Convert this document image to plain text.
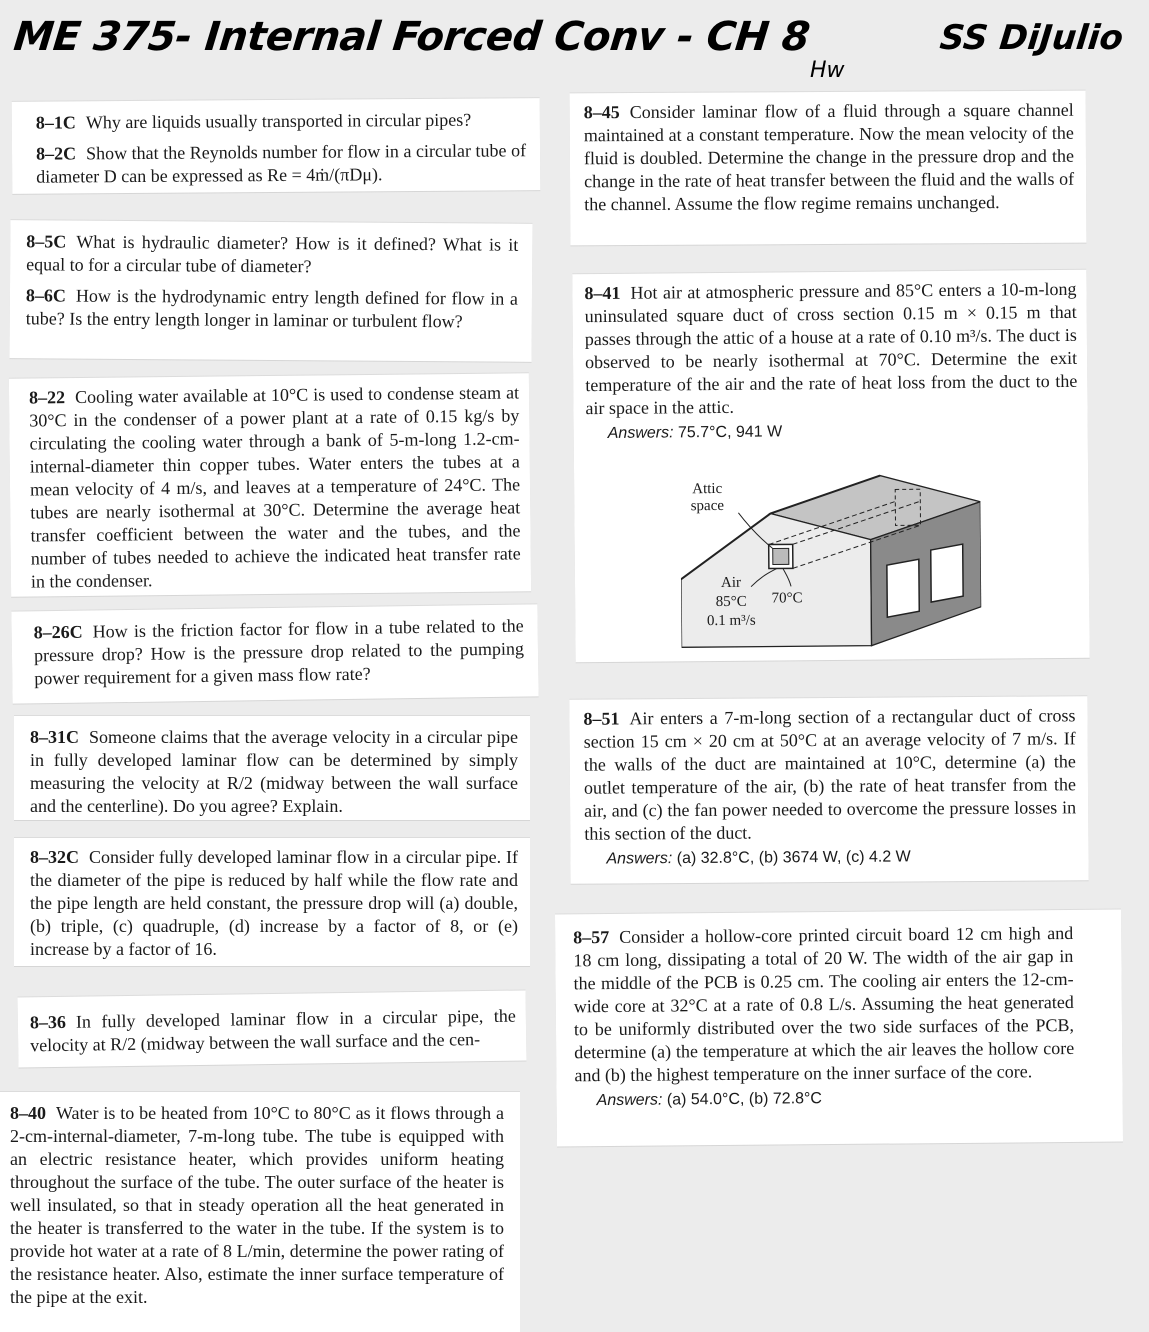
ME 375- Internal Forced Conv - CH 8	SS DiJulio
Hw

8–1C Why are liquids usually transported in circular pipes?

8–2C Show that the Reynolds number for flow in a circular tube of diameter D can be expressed as Re = 4ṁ/(πDμ).

8–5C What is hydraulic diameter? How is it defined? What is it equal to for a circular tube of diameter?

8–6C How is the hydrodynamic entry length defined for flow in a tube? Is the entry length longer in laminar or turbulent flow?

8–22 Cooling water available at 10°C is used to condense steam at 30°C in the condenser of a power plant at a rate of 0.15 kg/s by circulating the cooling water through a bank of 5-m-long 1.2-cm-internal-diameter thin copper tubes. Water enters the tubes at a mean velocity of 4 m/s, and leaves at a temperature of 24°C. The tubes are nearly isothermal at 30°C. Determine the average heat transfer coefficient between the water and the tubes, and the number of tubes needed to achieve the indicated heat transfer rate in the condenser.

8–26C How is the friction factor for flow in a tube related to the pressure drop? How is the pressure drop related to the pumping power requirement for a given mass flow rate?

8–31C Someone claims that the average velocity in a circular pipe in fully developed laminar flow can be determined by simply measuring the velocity at R/2 (midway between the wall surface and the centerline). Do you agree? Explain.

8–32C Consider fully developed laminar flow in a circular pipe. If the diameter of the pipe is reduced by half while the flow rate and the pipe length are held constant, the pressure drop will (a) double, (b) triple, (c) quadruple, (d) increase by a factor of 8, or (e) increase by a factor of 16.

8–36 In fully developed laminar flow in a circular pipe, the velocity at R/2 (midway between the wall surface and the cen-

8–40 Water is to be heated from 10°C to 80°C as it flows through a 2-cm-internal-diameter, 7-m-long tube. The tube is equipped with an electric resistance heater, which provides uniform heating throughout the surface of the tube. The outer surface of the heater is well insulated, so that in steady operation all the heat generated in the heater is transferred to the water in the tube. If the system is to provide hot water at a rate of 8 L/min, determine the power rating of the resistance heater. Also, estimate the inner surface temperature of the pipe at the exit.

8–45 Consider laminar flow of a fluid through a square channel maintained at a constant temperature. Now the mean velocity of the fluid is doubled. Determine the change in the pressure drop and the change in the rate of heat transfer between the fluid and the walls of the channel. Assume the flow regime remains unchanged.

8–41 Hot air at atmospheric pressure and 85°C enters a 10-m-long uninsulated square duct of cross section 0.15 m × 0.15 m that passes through the attic of a house at a rate of 0.10 m³/s. The duct is observed to be nearly isothermal at 70°C. Determine the exit temperature of the air and the rate of heat loss from the duct to the air space in the attic.

Answers: 75.7°C, 941 W
Attic
space
Air
85°C
0.1 m³/s
70°C

8–51 Air enters a 7-m-long section of a rectangular duct of cross section 15 cm × 20 cm at 50°C at an average velocity of 7 m/s. If the walls of the duct are maintained at 10°C, determine (a) the outlet temperature of the air, (b) the rate of heat transfer from the air, and (c) the fan power needed to overcome the pressure losses in this section of the duct.

Answers: (a) 32.8°C, (b) 3674 W, (c) 4.2 W

8–57 Consider a hollow-core printed circuit board 12 cm high and 18 cm long, dissipating a total of 20 W. The width of the air gap in the middle of the PCB is 0.25 cm. The cooling air enters the 12-cm-wide core at 32°C at a rate of 0.8 L/s. Assuming the heat generated to be uniformly distributed over the two side surfaces of the PCB, determine (a) the temperature at which the air leaves the hollow core and (b) the highest temperature on the inner surface of the core.

Answers: (a) 54.0°C, (b) 72.8°C
